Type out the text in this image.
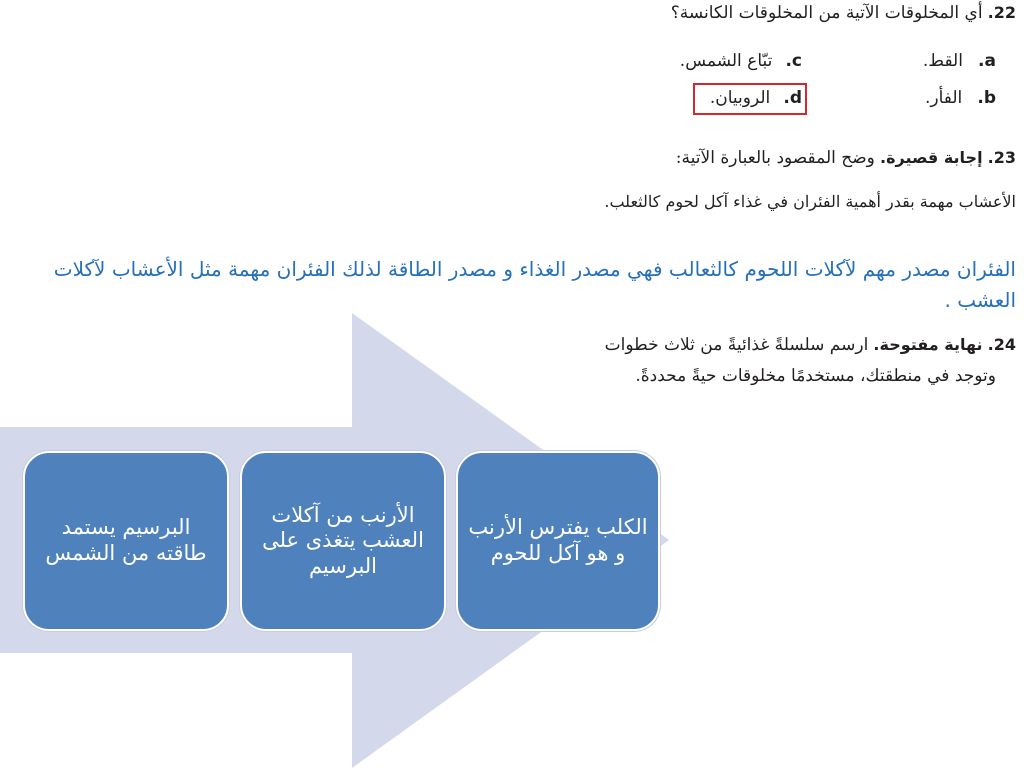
22. أي المخلوقات الآتية من المخلوقات الكانسة؟
a. القط.
b. الفأر.
c. تبّاع الشمس.
d. الروبيان.
23. إجابة قصيرة. وضح المقصود بالعبارة الآتية:
الأعشاب مهمة بقدر أهمية الفئران في غذاء آكل لحوم كالثعلب.
الفئران مصدر مهم لآكلات اللحوم كالثعالب فهي مصدر الغذاء و مصدر الطاقة لذلك الفئران مهمة مثل الأعشاب لآكلات العشب .
24. نهاية مفتوحة. ارسم سلسلةً غذائيةً من ثلاث خطوات
وتوجد في منطقتك، مستخدمًا مخلوقات حيةً محددةً.
البرسيم يستمد طاقته من الشمس
الأرنب من آكلات العشب يتغذى على البرسيم
الكلب يفترس الأرنب و هو آكل للحوم
